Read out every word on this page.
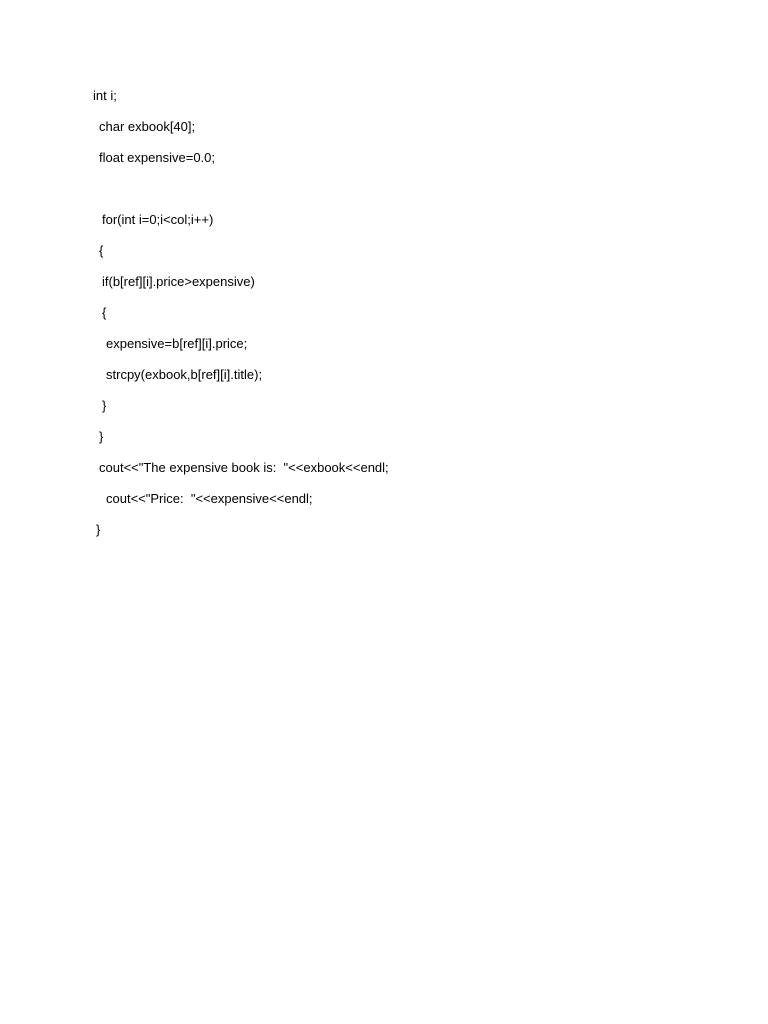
int i;
char exbook[40];
float expensive=0.0;
for(int i=0;i<col;i++)
{
if(b[ref][i].price>expensive)
{
expensive=b[ref][i].price;
strcpy(exbook,b[ref][i].title);
}
}
cout<<"The expensive book is:  "<<exbook<<endl;
cout<<"Price:  "<<expensive<<endl;
}
